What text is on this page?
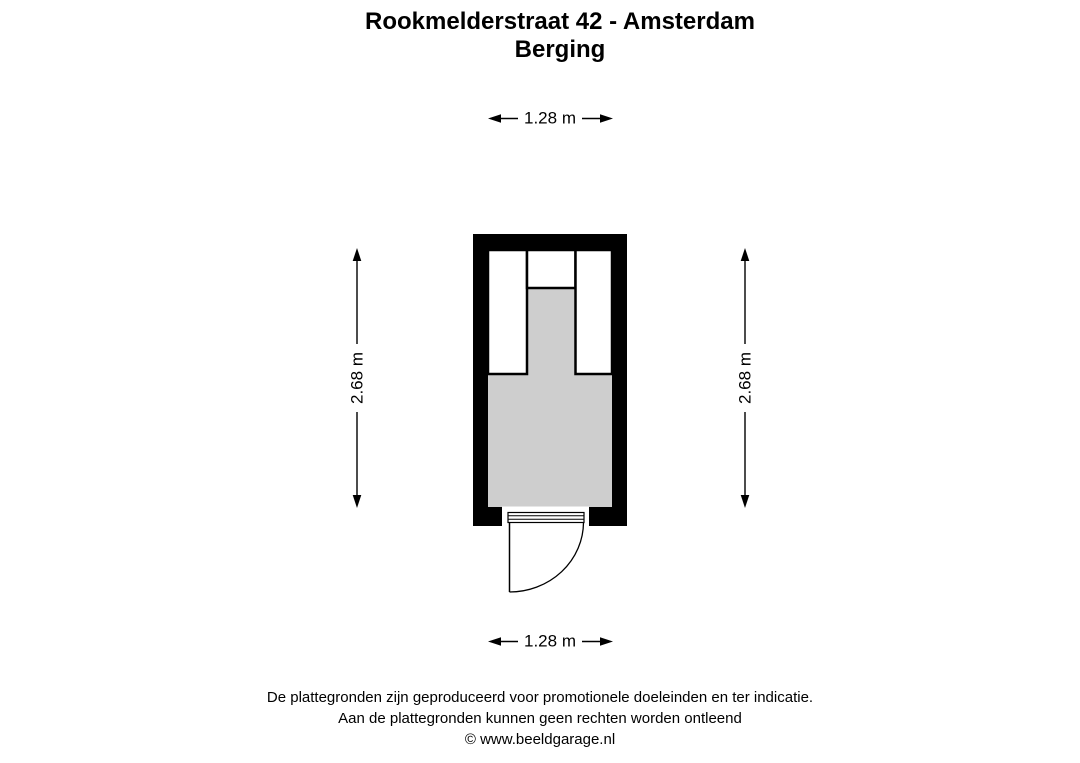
Rookmelderstraat 42 - Amsterdam
Berging
1.28 m
1.28 m
2.68 m	2.68 m
De plattegronden zijn geproduceerd voor promotionele doeleinden en ter indicatie.
Aan de plattegronden kunnen geen rechten worden ontleend
© www.beeldgarage.nl
